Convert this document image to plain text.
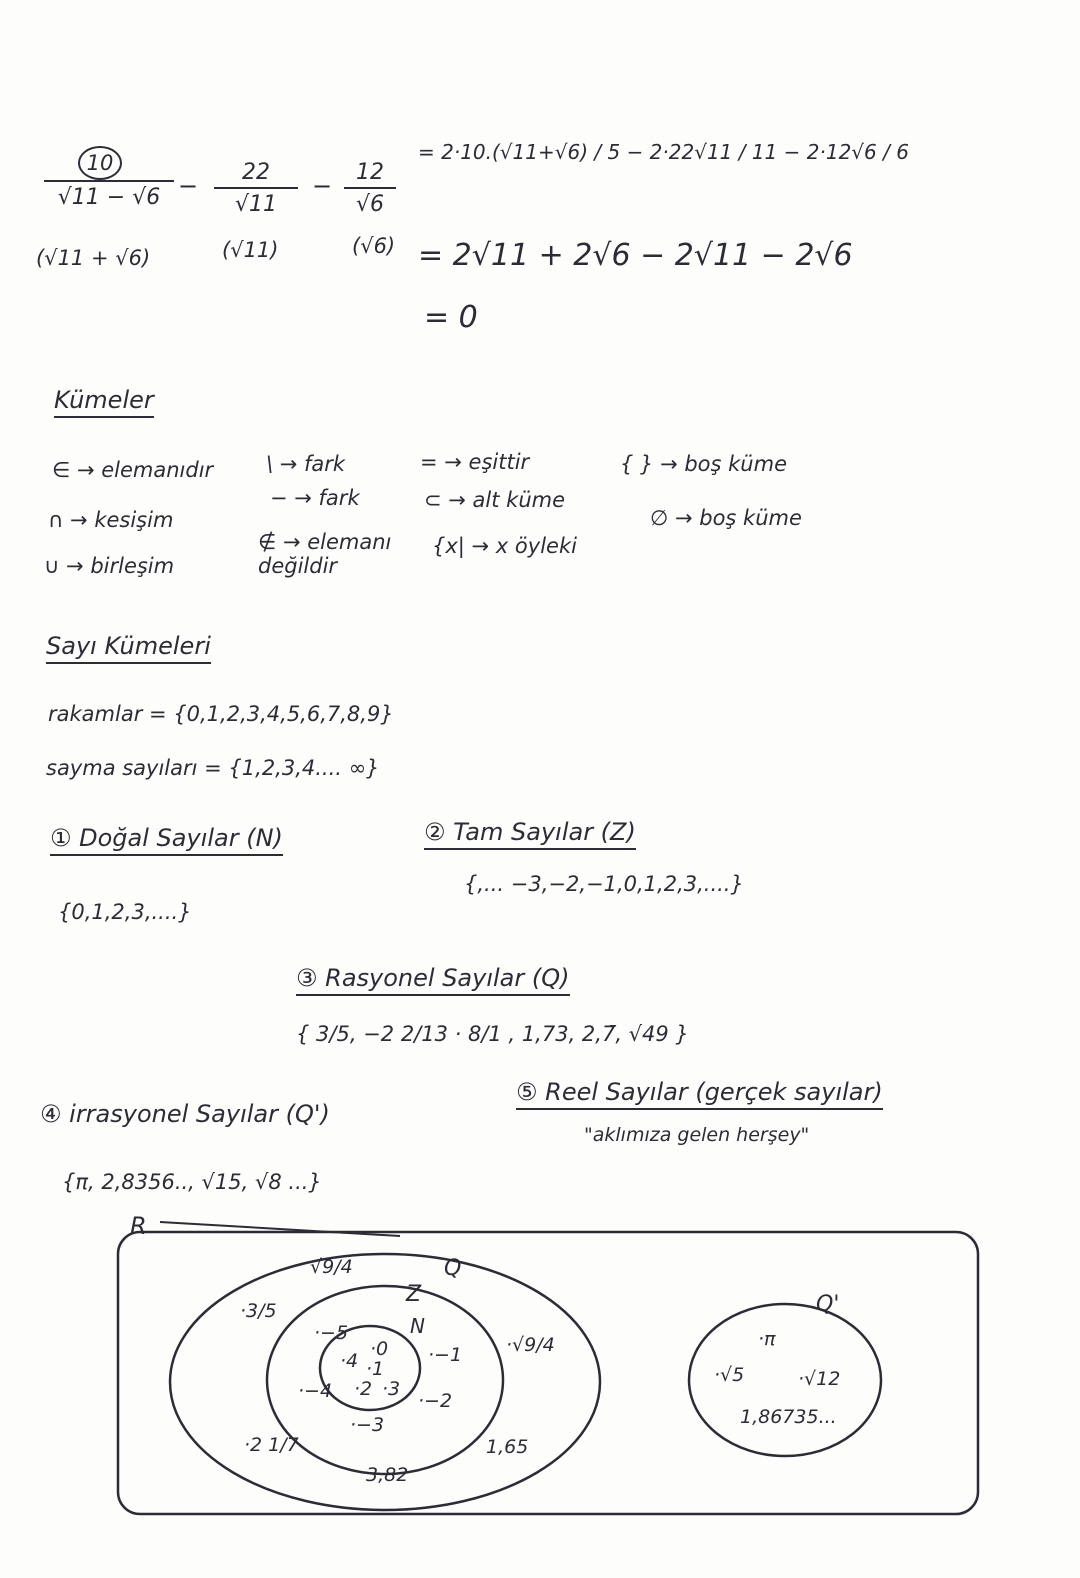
10
√11 − √6
(√11 + √6)
− $\frac{22}{√11}$
(√11)
− $\frac{12}{√6}$
(√6)
= 2·10.(√11+√6) / 5 − 2·22√11 / 11 − 2·12√6 / 6
= 2√11 + 2√6 − 2√11 − 2√6
= 0
Kümeler
∈ → elemanıdır
∩ → kesişim
∪ → birleşim
\ → fark
− → fark
∉ → elemanı değildir
= → eşittir
⊂ → alt küme
{x| → x öyleki
{ } → boş küme
∅ → boş küme
Sayı Kümeleri
rakamlar = {0,1,2,3,4,5,6,7,8,9}
sayma sayıları = {1,2,3,4.... ∞}
① Doğal Sayılar (N)
{0,1,2,3,....}
② Tam Sayılar (Z)
{,... −3,−2,−1,0,1,2,3,....}
③ Rasyonel Sayılar (Q)
{ 3/5, −2 2/13 · 8/1 , 1,73, 2,7̄, √49 }
④ irrasyonel Sayılar (Q')
{π, 2,8356.., √15, √8 ...}
⑤ Reel Sayılar (gerçek sayılar)
"aklımıza gelen herşey"
R
Q
Z
N
Q'
√9/4
·3/5
·2 1/7
·√9/4
1,65
3,82
·−5
·−4
·−1
·−2
·−3
·4
·0
·1
·2 ·3
·π
·√5	·√12
1,86735...
